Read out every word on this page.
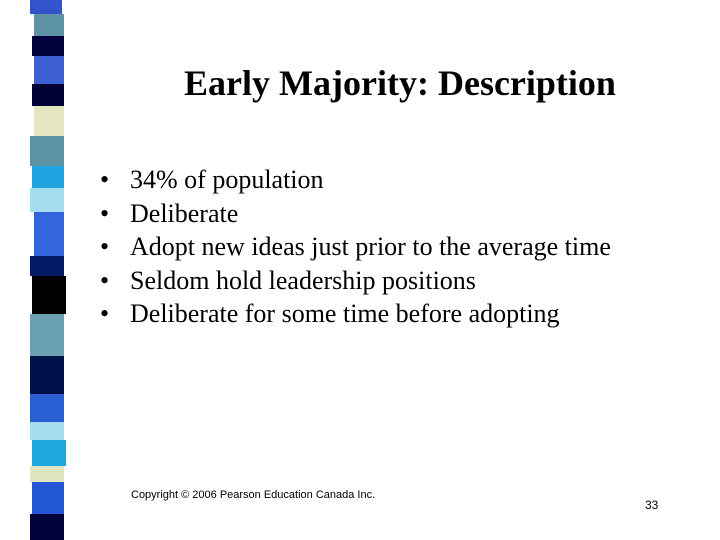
Early Majority: Description
• 34% of population
• Deliberate
• Adopt new ideas just prior to the average time
• Seldom hold leadership positions
• Deliberate for some time before adopting
Copyright © 2006 Pearson Education Canada Inc.
33
